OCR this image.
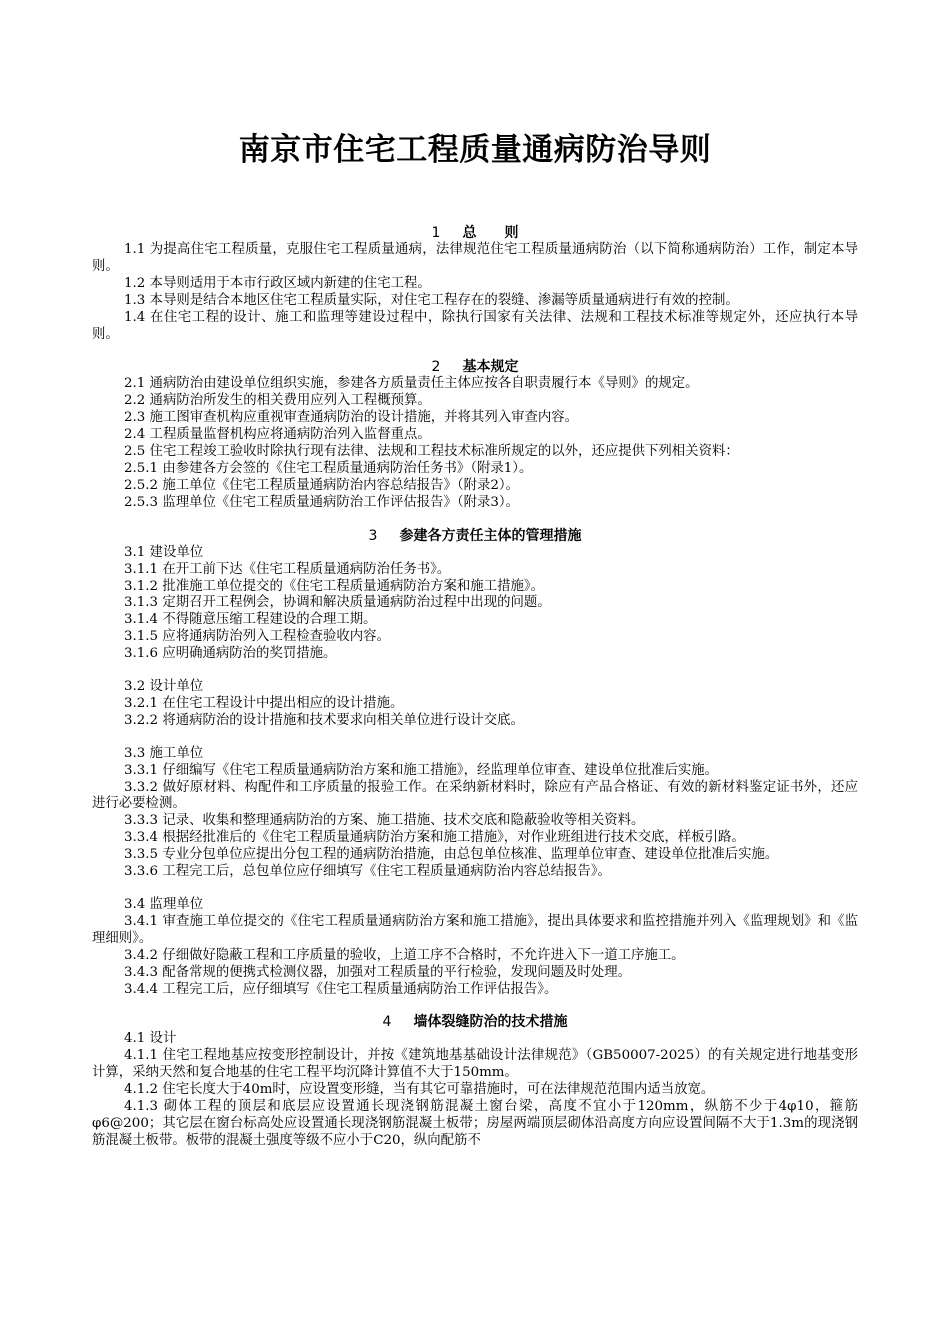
南京市住宅工程质量通病防治导则
1 总　　则
1.1 为提高住宅工程质量，克服住宅工程质量通病，法律规范住宅工程质量通病防治（以下简称通病防治）工作，制定本导则。
1.2 本导则适用于本市行政区域内新建的住宅工程。
1.3 本导则是结合本地区住宅工程质量实际，对住宅工程存在的裂缝、渗漏等质量通病进行有效的控制。
1.4 在住宅工程的设计、施工和监理等建设过程中，除执行国家有关法律、法规和工程技术标准等规定外，还应执行本导则。
2 基本规定
2.1 通病防治由建设单位组织实施，参建各方质量责任主体应按各自职责履行本《导则》的规定。
2.2 通病防治所发生的相关费用应列入工程概预算。
2.3 施工图审查机构应重视审查通病防治的设计措施，并将其列入审查内容。
2.4 工程质量监督机构应将通病防治列入监督重点。
2.5 住宅工程竣工验收时除执行现有法律、法规和工程技术标准所规定的以外，还应提供下列相关资料：
2.5.1 由参建各方会签的《住宅工程质量通病防治任务书》（附录1）。
2.5.2 施工单位《住宅工程质量通病防治内容总结报告》（附录2）。
2.5.3 监理单位《住宅工程质量通病防治工作评估报告》（附录3）。
3 参建各方责任主体的管理措施
3.1 建设单位
3.1.1 在开工前下达《住宅工程质量通病防治任务书》。
3.1.2 批准施工单位提交的《住宅工程质量通病防治方案和施工措施》。
3.1.3 定期召开工程例会，协调和解决质量通病防治过程中出现的问题。
3.1.4 不得随意压缩工程建设的合理工期。
3.1.5 应将通病防治列入工程检查验收内容。
3.1.6 应明确通病防治的奖罚措施。
3.2 设计单位
3.2.1 在住宅工程设计中提出相应的设计措施。
3.2.2 将通病防治的设计措施和技术要求向相关单位进行设计交底。
3.3 施工单位
3.3.1 仔细编写《住宅工程质量通病防治方案和施工措施》，经监理单位审查、建设单位批准后实施。
3.3.2 做好原材料、构配件和工序质量的报验工作。在采纳新材料时，除应有产品合格证、有效的新材料鉴定证书外，还应进行必要检测。
3.3.3 记录、收集和整理通病防治的方案、施工措施、技术交底和隐蔽验收等相关资料。
3.3.4 根据经批准后的《住宅工程质量通病防治方案和施工措施》，对作业班组进行技术交底，样板引路。
3.3.5 专业分包单位应提出分包工程的通病防治措施，由总包单位核准、监理单位审查、建设单位批准后实施。
3.3.6 工程完工后，总包单位应仔细填写《住宅工程质量通病防治内容总结报告》。
3.4 监理单位
3.4.1 审查施工单位提交的《住宅工程质量通病防治方案和施工措施》，提出具体要求和监控措施并列入《监理规划》和《监理细则》。
3.4.2 仔细做好隐蔽工程和工序质量的验收，上道工序不合格时，不允许进入下一道工序施工。
3.4.3 配备常规的便携式检测仪器，加强对工程质量的平行检验，发现问题及时处理。
3.4.4 工程完工后，应仔细填写《住宅工程质量通病防治工作评估报告》。
4 墙体裂缝防治的技术措施
4.1 设计
4.1.1 住宅工程地基应按变形控制设计，并按《建筑地基基础设计法律规范》（GB50007-2025）的有关规定进行地基变形计算，采纳天然和复合地基的住宅工程平均沉降计算值不大于150mm。
4.1.2 住宅长度大于40m时，应设置变形缝，当有其它可靠措施时，可在法律规范范围内适当放宽。
4.1.3 砌体工程的顶层和底层应设置通长现浇钢筋混凝土窗台梁，高度不宜小于120mm，纵筋不少于4φ10，箍筋φ6@200；其它层在窗台标高处应设置通长现浇钢筋混凝土板带；房屋两端顶层砌体沿高度方向应设置间隔不大于1.3m的现浇钢筋混凝土板带。板带的混凝土强度等级不应小于C20，纵向配筋不
